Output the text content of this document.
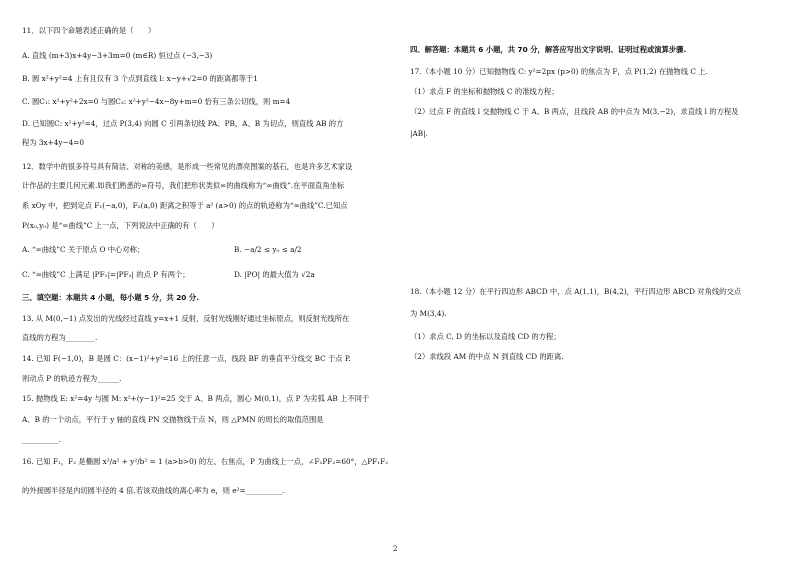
11．以下四个命题表述正确的是（　　）
A. 直线 (m+3)x+4y−3+3m=0 (m∈R) 恒过点 (−3,−3)
B. 圆 x²+y²=4 上有且仅有 3 个点到直线 l: x−y+√2=0 的距离都等于1
C. 圆C₁: x²+y²+2x=0 与圆C₂: x²+y²−4x−8y+m=0 恰有三条公切线，则 m=4
D. 已知圆C: x²+y²=4，过点 P(3,4) 向圆 C 引两条切线 PA、PB，A、B 为切点，则直线 AB 的方
程为 3x+4y−4=0
12．数学中的很多符号具有简洁、对称的美感，是形成一些常见的漂亮图案的基石，也是许多艺术家设
计作品的主要几何元素.如我们熟悉的∞符号，我们把形状类似∞的曲线称为“∞曲线”.在平面直角坐标
系 xOy 中，把到定点 F₁(−a,0)，F₂(a,0) 距离之积等于 a² (a>0) 的点的轨迹称为“∞曲线”C.已知点
P(x₀,y₀) 是“∞曲线”C 上一点，下列说法中正确的有（　　）
A. “∞曲线”C 关于原点 O 中心对称；	B. −a/2 ≤ y₀ ≤ a/2
C. “∞曲线”C 上满足 |PF₁|=|PF₂| 的点 P 有两个；	D. |PO| 的最大值为 √2a
三、填空题：本题共 4 小题，每小题 5 分，共 20 分.
13. 从 M(0,−1) 点发出的光线经过直线 y=x+1 反射，反射光线刚好通过坐标原点，则反射光线所在
直线的方程为________.
14. 已知 F(−1,0)，B 是圆 C：(x−1)²+y²=16 上的任意一点，线段 BF 的垂直平分线交 BC 于点 P.
则动点 P 的轨迹方程为______.
15. 抛物线 E: x²=4y 与圆 M: x²+(y−1)²=25 交于 A、B 两点，圆心 M(0,1)，点 P 为劣弧 AB 上不同于
A、B 的一个动点，平行于 y 轴的直线 PN 交抛物线于点 N，则 △PMN 的周长的取值范围是
__________.
16. 已知 F₁，F₂ 是椭圆 x²/a² + y²/b² = 1 (a>b>0) 的左、右焦点，P 为曲线上一点，∠F₁PF₂=60°，△PF₁F₂
的外接圆半径是内切圆半径的 4 倍.若该双曲线的离心率为 e，则 e²=__________.
四、解答题：本题共 6 小题，共 70 分，解答应写出文字说明、证明过程或演算步骤.
17.（本小题 10 分）已知抛物线 C: y²=2px (p>0) 的焦点为 F，点 P(1,2) 在抛物线 C 上.
（1）求点 F 的坐标和抛物线 C 的准线方程；
（2）过点 F 的直线 l 交抛物线 C 于 A、B 两点，且线段 AB 的中点为 M(3,−2)，求直线 l 的方程及
|AB|.
18.（本小题 12 分）在平行四边形 ABCD 中，点 A(1,1)，B(4,2)，平行四边形 ABCD 对角线的交点
为 M(3,4).
（1）求点 C, D 的坐标以及直线 CD 的方程；
（2）求线段 AM 的中点 N 到直线 CD 的距离.
2
